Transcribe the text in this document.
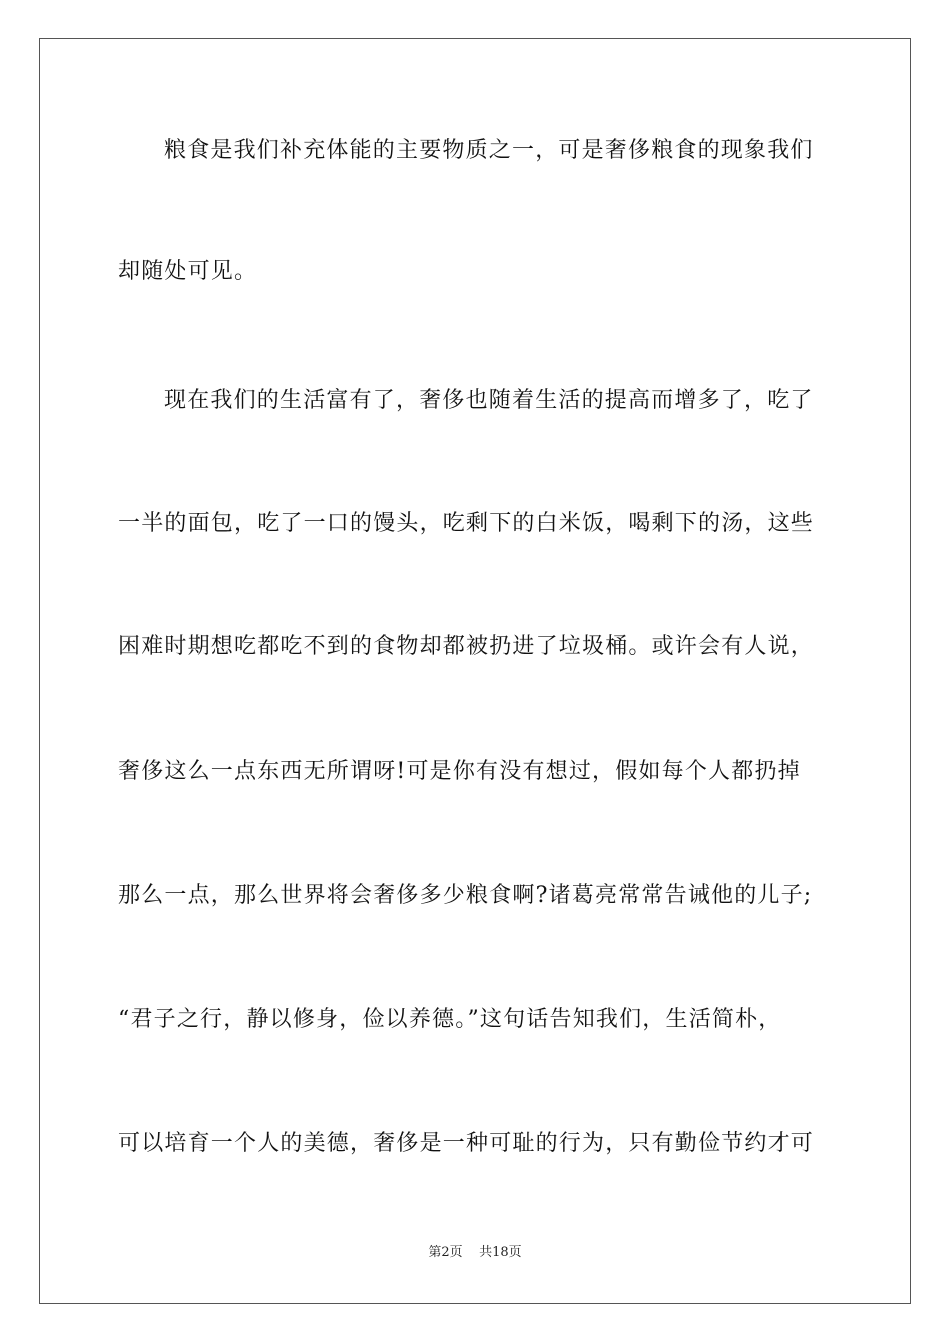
粮食是我们补充体能的主要物质之一，可是奢侈粮食的现象我们

却随处可见。

现在我们的生活富有了，奢侈也随着生活的提高而增多了，吃了

一半的面包，吃了一口的馒头，吃剩下的白米饭，喝剩下的汤，这些

困难时期想吃都吃不到的食物却都被扔进了垃圾桶。或许会有人说，

奢侈这么一点东西无所谓呀!可是你有没有想过，假如每个人都扔掉

那么一点，那么世界将会奢侈多少粮食啊?诸葛亮常常告诫他的儿子;

“君子之行，静以修身，俭以养德。”这句话告知我们，生活简朴，

可以培育一个人的美德，奢侈是一种可耻的行为，只有勤俭节约才可

第2页    共18页
